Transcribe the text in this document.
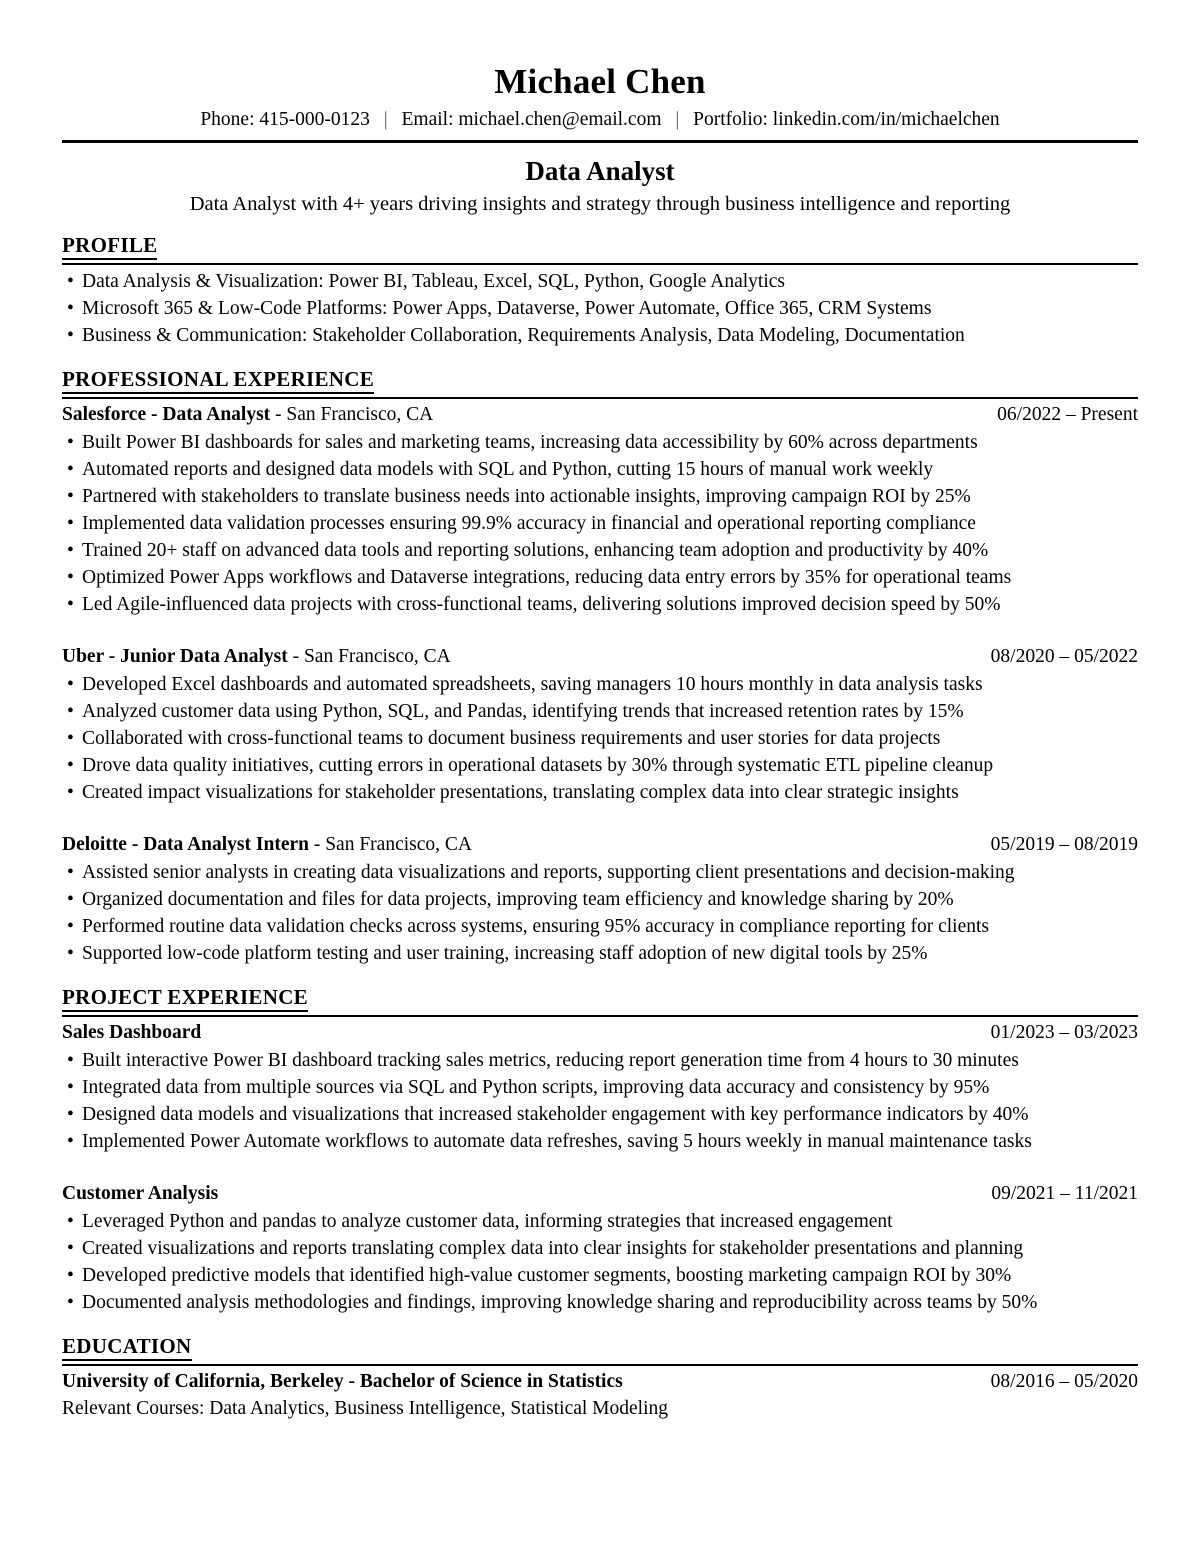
Michael Chen
Phone: 415-000-0123 | Email: michael.chen@email.com | Portfolio: linkedin.com/in/michaelchen
Data Analyst
Data Analyst with 4+ years driving insights and strategy through business intelligence and reporting
PROFILE
• Data Analysis & Visualization: Power BI, Tableau, Excel, SQL, Python, Google Analytics
• Microsoft 365 & Low-Code Platforms: Power Apps, Dataverse, Power Automate, Office 365, CRM Systems
• Business & Communication: Stakeholder Collaboration, Requirements Analysis, Data Modeling, Documentation
PROFESSIONAL EXPERIENCE
Salesforce - Data Analyst - San Francisco, CA	06/2022 – Present
• Built Power BI dashboards for sales and marketing teams, increasing data accessibility by 60% across departments
• Automated reports and designed data models with SQL and Python, cutting 15 hours of manual work weekly
• Partnered with stakeholders to translate business needs into actionable insights, improving campaign ROI by 25%
• Implemented data validation processes ensuring 99.9% accuracy in financial and operational reporting compliance
• Trained 20+ staff on advanced data tools and reporting solutions, enhancing team adoption and productivity by 40%
• Optimized Power Apps workflows and Dataverse integrations, reducing data entry errors by 35% for operational teams
• Led Agile-influenced data projects with cross-functional teams, delivering solutions improved decision speed by 50%
Uber - Junior Data Analyst - San Francisco, CA	08/2020 – 05/2022
• Developed Excel dashboards and automated spreadsheets, saving managers 10 hours monthly in data analysis tasks
• Analyzed customer data using Python, SQL, and Pandas, identifying trends that increased retention rates by 15%
• Collaborated with cross-functional teams to document business requirements and user stories for data projects
• Drove data quality initiatives, cutting errors in operational datasets by 30% through systematic ETL pipeline cleanup
• Created impact visualizations for stakeholder presentations, translating complex data into clear strategic insights
Deloitte - Data Analyst Intern - San Francisco, CA	05/2019 – 08/2019
• Assisted senior analysts in creating data visualizations and reports, supporting client presentations and decision-making
• Organized documentation and files for data projects, improving team efficiency and knowledge sharing by 20%
• Performed routine data validation checks across systems, ensuring 95% accuracy in compliance reporting for clients
• Supported low-code platform testing and user training, increasing staff adoption of new digital tools by 25%
PROJECT EXPERIENCE
Sales Dashboard	01/2023 – 03/2023
• Built interactive Power BI dashboard tracking sales metrics, reducing report generation time from 4 hours to 30 minutes
• Integrated data from multiple sources via SQL and Python scripts, improving data accuracy and consistency by 95%
• Designed data models and visualizations that increased stakeholder engagement with key performance indicators by 40%
• Implemented Power Automate workflows to automate data refreshes, saving 5 hours weekly in manual maintenance tasks
Customer Analysis	09/2021 – 11/2021
• Leveraged Python and pandas to analyze customer data, informing strategies that increased engagement
• Created visualizations and reports translating complex data into clear insights for stakeholder presentations and planning
• Developed predictive models that identified high-value customer segments, boosting marketing campaign ROI by 30%
• Documented analysis methodologies and findings, improving knowledge sharing and reproducibility across teams by 50%
EDUCATION
University of California, Berkeley - Bachelor of Science in Statistics	08/2016 – 05/2020
Relevant Courses: Data Analytics, Business Intelligence, Statistical Modeling
